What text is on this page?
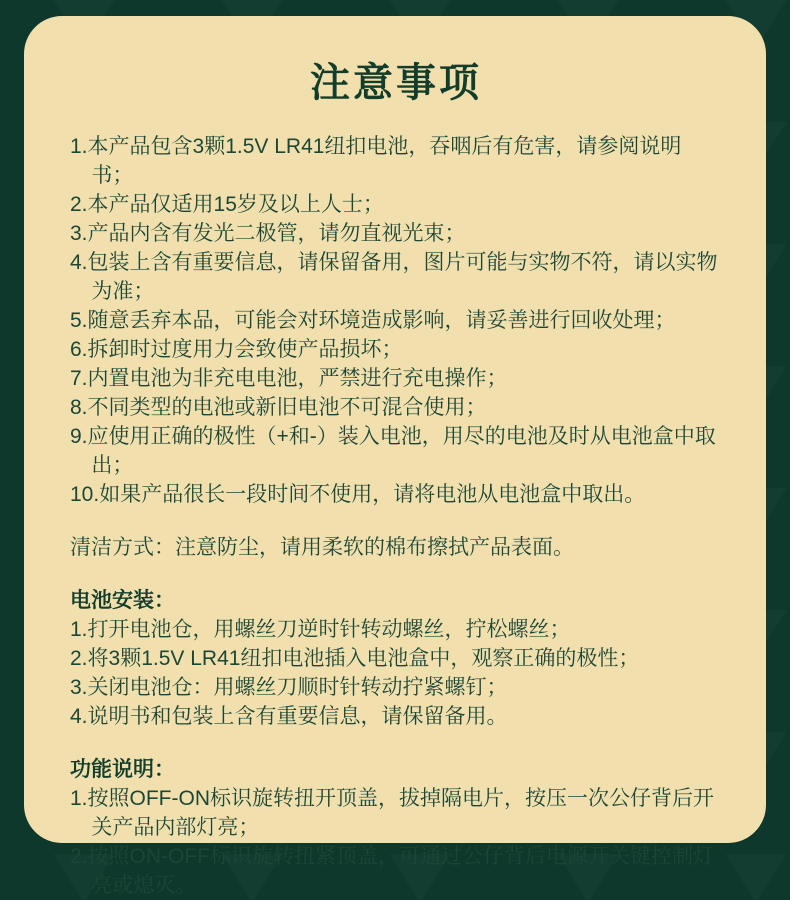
注意事项
1.本产品包含3颗1.5V LR41纽扣电池，吞咽后有危害，请参阅说明书；
2.本产品仅适用15岁及以上人士；
3.产品内含有发光二极管，请勿直视光束；
4.包装上含有重要信息，请保留备用，图片可能与实物不符，请以实物为准；
5.随意丢弃本品，可能会对环境造成影响，请妥善进行回收处理；
6.拆卸时过度用力会致使产品损坏；
7.内置电池为非充电电池，严禁进行充电操作；
8.不同类型的电池或新旧电池不可混合使用；
9.应使用正确的极性（+和-）装入电池，用尽的电池及时从电池盒中取出；
10.如果产品很长一段时间不使用，请将电池从电池盒中取出。
清洁方式：注意防尘，请用柔软的棉布擦拭产品表面。
电池安装：
1.打开电池仓，用螺丝刀逆时针转动螺丝，拧松螺丝；
2.将3颗1.5V LR41纽扣电池插入电池盒中，观察正确的极性；
3.关闭电池仓：用螺丝刀顺时针转动拧紧螺钉；
4.说明书和包装上含有重要信息，请保留备用。
功能说明：
1.按照OFF-ON标识旋转扭开顶盖，拔掉隔电片，按压一次公仔背后开关产品内部灯亮；
2.按照ON-OFF标识旋转扭紧顶盖，可通过公仔背后电源开关键控制灯亮或熄灭。
